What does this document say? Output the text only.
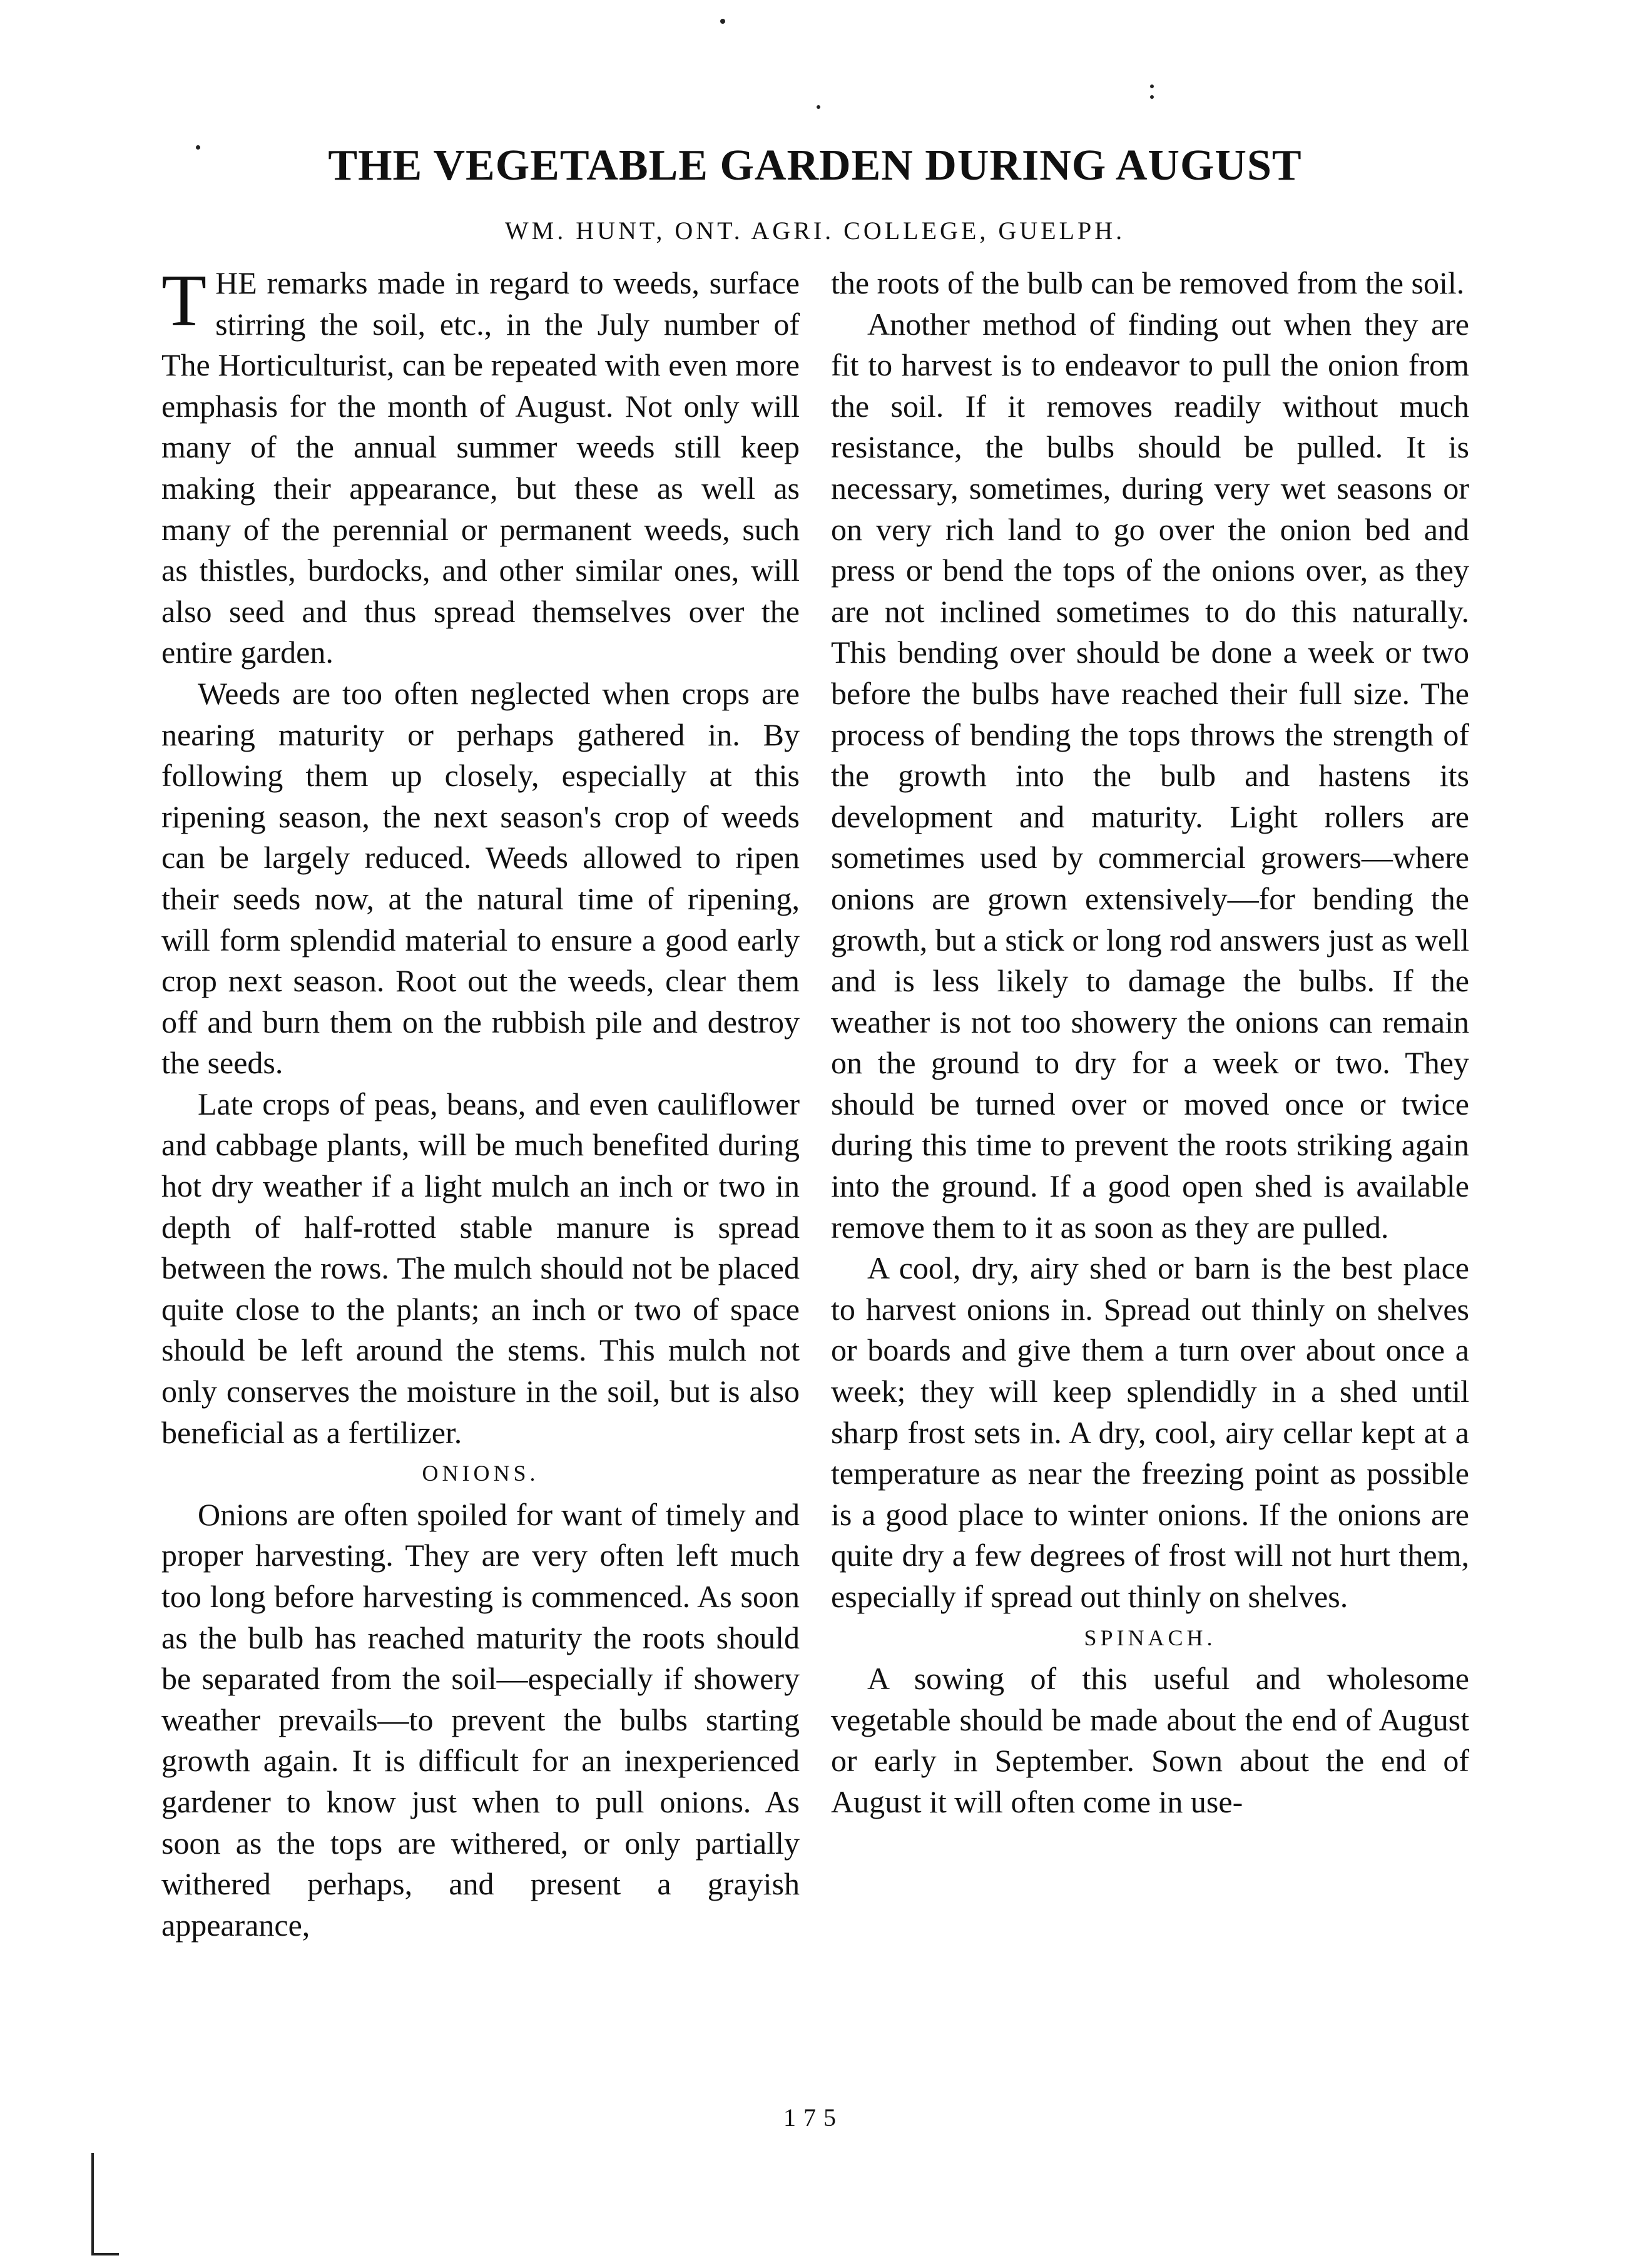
THE VEGETABLE GARDEN DURING AUGUST
WM. HUNT, ONT. AGRI. COLLEGE, GUELPH.

THE remarks made in regard to weeds, surface stirring the soil, etc., in the July number of The Horticulturist, can be repeated with even more emphasis for the month of August. Not only will many of the annual summer weeds still keep making their appearance, but these as well as many of the perennial or permanent weeds, such as thistles, burdocks, and other similar ones, will also seed and thus spread themselves over the entire garden.

Weeds are too often neglected when crops are nearing maturity or perhaps gathered in. By following them up closely, especially at this ripening season, the next season's crop of weeds can be largely reduced. Weeds allowed to ripen their seeds now, at the natural time of ripening, will form splendid material to ensure a good early crop next season. Root out the weeds, clear them off and burn them on the rubbish pile and destroy the seeds.

Late crops of peas, beans, and even cauliflower and cabbage plants, will be much benefited during hot dry weather if a light mulch an inch or two in depth of half-rotted stable manure is spread between the rows. The mulch should not be placed quite close to the plants; an inch or two of space should be left around the stems. This mulch not only conserves the moisture in the soil, but is also beneficial as a fertilizer.

ONIONS.

Onions are often spoiled for want of timely and proper harvesting. They are very often left much too long before harvesting is commenced. As soon as the bulb has reached maturity the roots should be separated from the soil—especially if showery weather prevails—to prevent the bulbs starting growth again. It is difficult for an inexperienced gardener to know just when to pull onions. As soon as the tops are withered, or only partially withered perhaps, and present a grayish appearance,

the roots of the bulb can be removed from the soil.

Another method of finding out when they are fit to harvest is to endeavor to pull the onion from the soil. If it removes readily without much resistance, the bulbs should be pulled. It is necessary, sometimes, during very wet seasons or on very rich land to go over the onion bed and press or bend the tops of the onions over, as they are not inclined sometimes to do this naturally. This bending over should be done a week or two before the bulbs have reached their full size. The process of bending the tops throws the strength of the growth into the bulb and hastens its development and maturity. Light rollers are sometimes used by commercial growers—where onions are grown extensively—for bending the growth, but a stick or long rod answers just as well and is less likely to damage the bulbs. If the weather is not too showery the onions can remain on the ground to dry for a week or two. They should be turned over or moved once or twice during this time to prevent the roots striking again into the ground. If a good open shed is available remove them to it as soon as they are pulled.

A cool, dry, airy shed or barn is the best place to harvest onions in. Spread out thinly on shelves or boards and give them a turn over about once a week; they will keep splendidly in a shed until sharp frost sets in. A dry, cool, airy cellar kept at a temperature as near the freezing point as possible is a good place to winter onions. If the onions are quite dry a few degrees of frost will not hurt them, especially if spread out thinly on shelves.

SPINACH.

A sowing of this useful and wholesome vegetable should be made about the end of August or early in September. Sown about the end of August it will often come in use-

175
